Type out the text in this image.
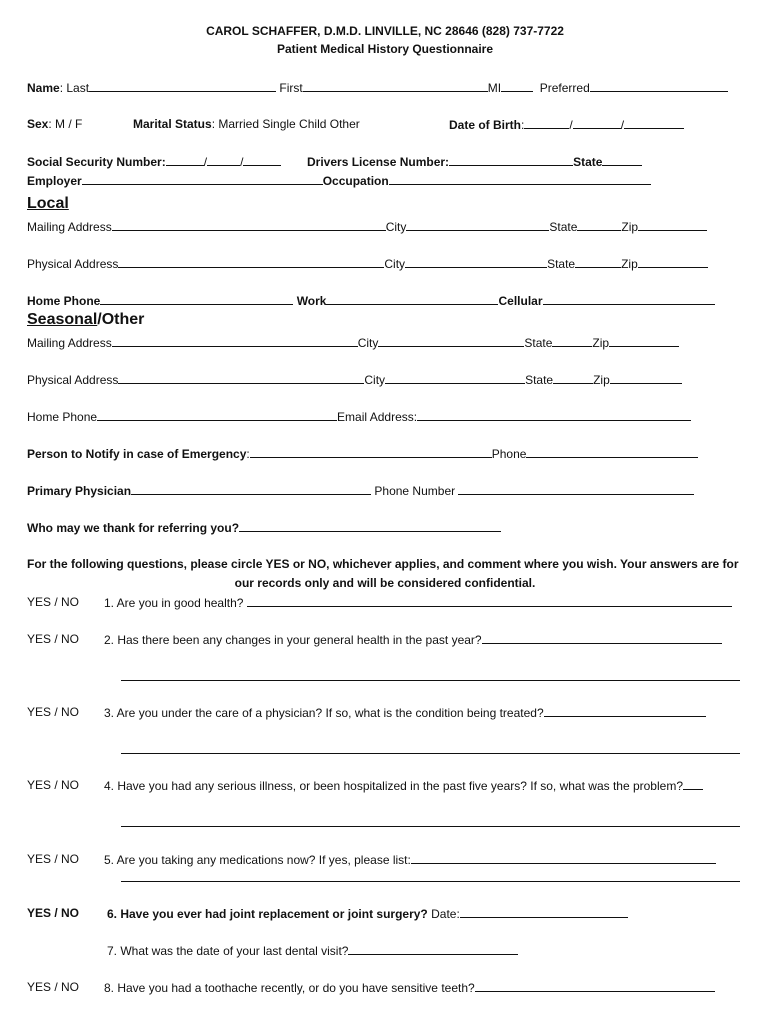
CAROL SCHAFFER, D.M.D. LINVILLE, NC 28646 (828) 737-7722
Patient Medical History Questionnaire
Name: Last	First	MI	Preferred
Sex: M / F	Marital Status: Married Single Child Other	Date of Birth:	/	/
Social Security Number:	/	/	Drivers License Number:	State
Employer	Occupation
Local
Mailing Address	City	State	Zip
Physical Address	City	State	Zip
Home Phone	Work	Cellular
Seasonal/Other
Mailing Address	City	State	Zip
Physical Address	City	State	Zip
Home Phone	Email Address:
Person to Notify in case of Emergency:	Phone
Primary Physician	Phone Number
Who may we thank for referring you?
For the following questions, please circle YES or NO, whichever applies, and comment where you wish. Your answers are for
our records only and will be considered confidential.
YES / NO 1. Are you in good health?
YES / NO 2. Has there been any changes in your general health in the past year?
YES / NO 3. Are you under the care of a physician? If so, what is the condition being treated?
YES / NO 4. Have you had any serious illness, or been hospitalized in the past five years? If so, what was the problem?
YES / NO 5. Are you taking any medications now? If yes, please list:
YES / NO 6. Have you ever had joint replacement or joint surgery? Date:
7. What was the date of your last dental visit?
YES / NO 8. Have you had a toothache recently, or do you have sensitive teeth?
